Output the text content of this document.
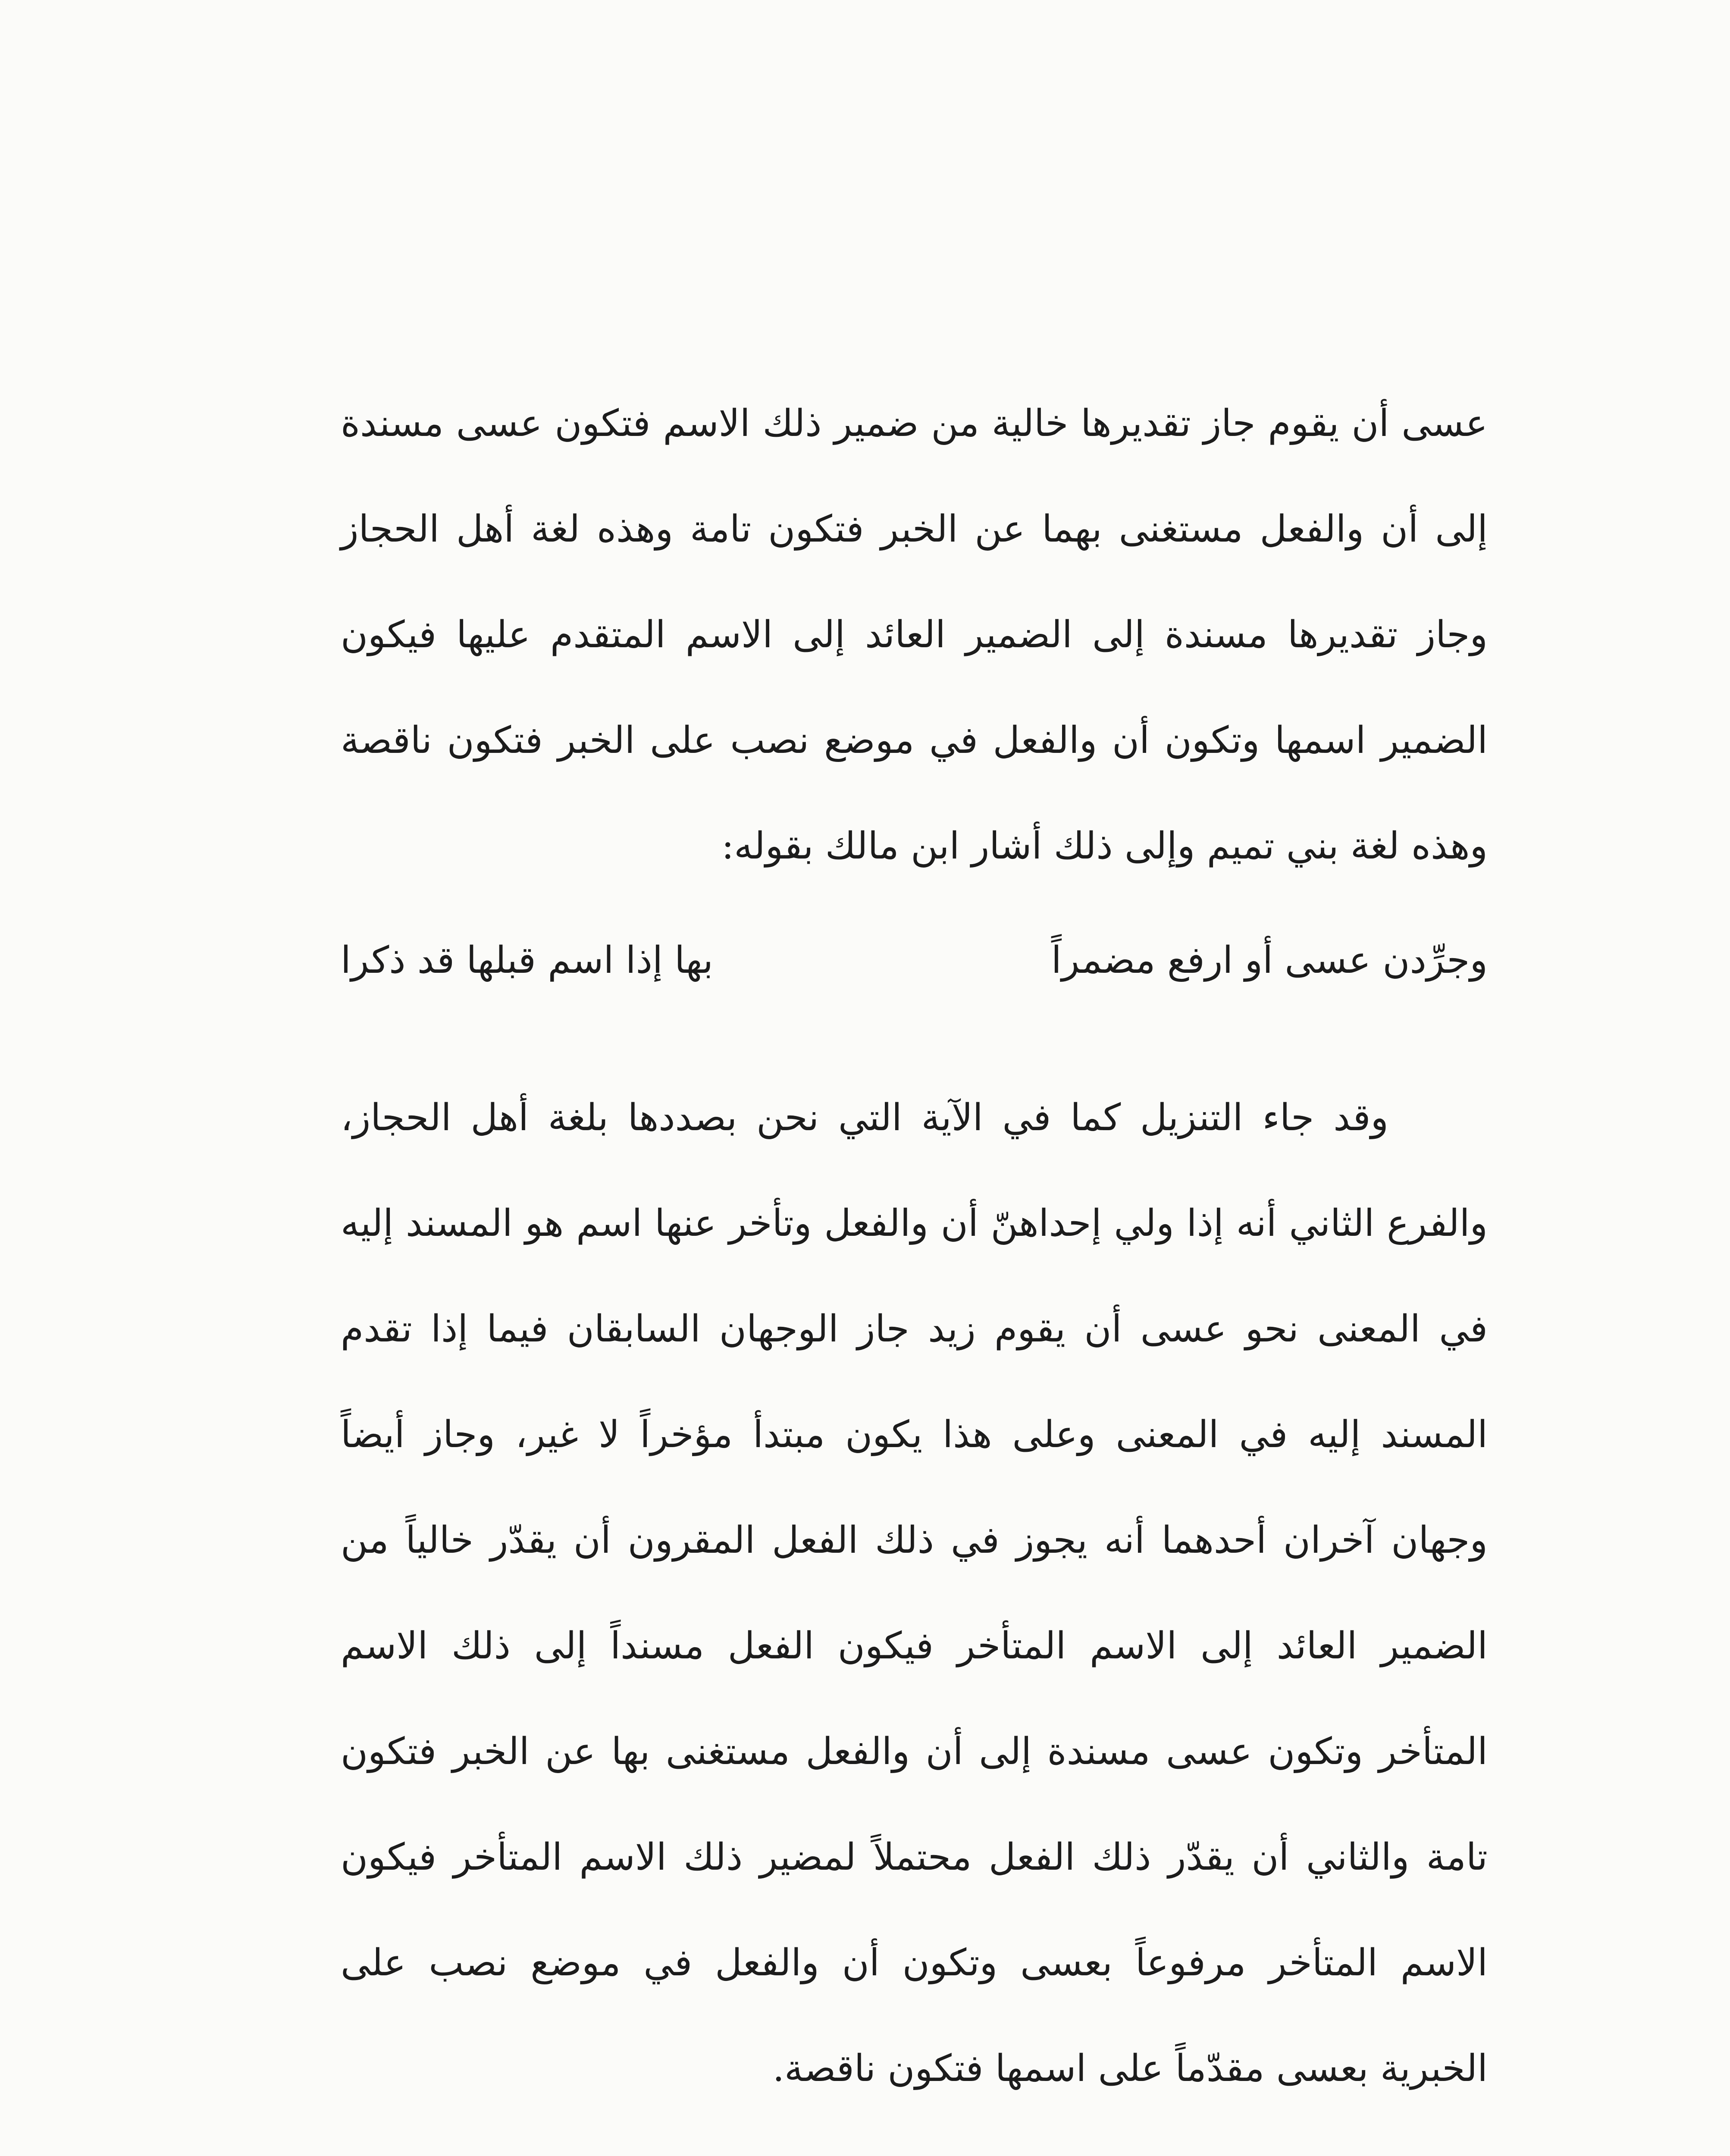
عسى أن يقوم جاز تقديرها خالية من ضمير ذلك الاسم فتكون عسى مسندة إلى أن والفعل مستغنى بهما عن الخبر فتكون تامة وهذه لغة أهل الحجاز وجاز تقديرها مسندة إلى الضمير العائد إلى الاسم المتقدم عليها فيكون الضمير اسمها وتكون أن والفعل في موضع نصب على الخبر فتكون ناقصة وهذه لغة بني تميم وإلى ذلك أشار ابن مالك بقوله:

وجرِّدن عسى أو ارفع مضمراً
بها إذا اسم قبلها قد ذكرا

وقد جاء التنزيل كما في الآية التي نحن بصددها بلغة أهل الحجاز، والفرع الثاني أنه إذا ولي إحداهنّ أن والفعل وتأخر عنها اسم هو المسند إليه في المعنى نحو عسى أن يقوم زيد جاز الوجهان السابقان فيما إذا تقدم المسند إليه في المعنى وعلى هذا يكون مبتدأ مؤخراً لا غير، وجاز أيضاً وجهان آخران أحدهما أنه يجوز في ذلك الفعل المقرون أن يقدّر خالياً من الضمير العائد إلى الاسم المتأخر فيكون الفعل مسنداً إلى ذلك الاسم المتأخر وتكون عسى مسندة إلى أن والفعل مستغنى بها عن الخبر فتكون تامة والثاني أن يقدّر ذلك الفعل محتملاً لمضير ذلك الاسم المتأخر فيكون الاسم المتأخر مرفوعاً بعسى وتكون أن والفعل في موضع نصب على الخبرية بعسى مقدّماً على اسمها فتكون ناقصة.
